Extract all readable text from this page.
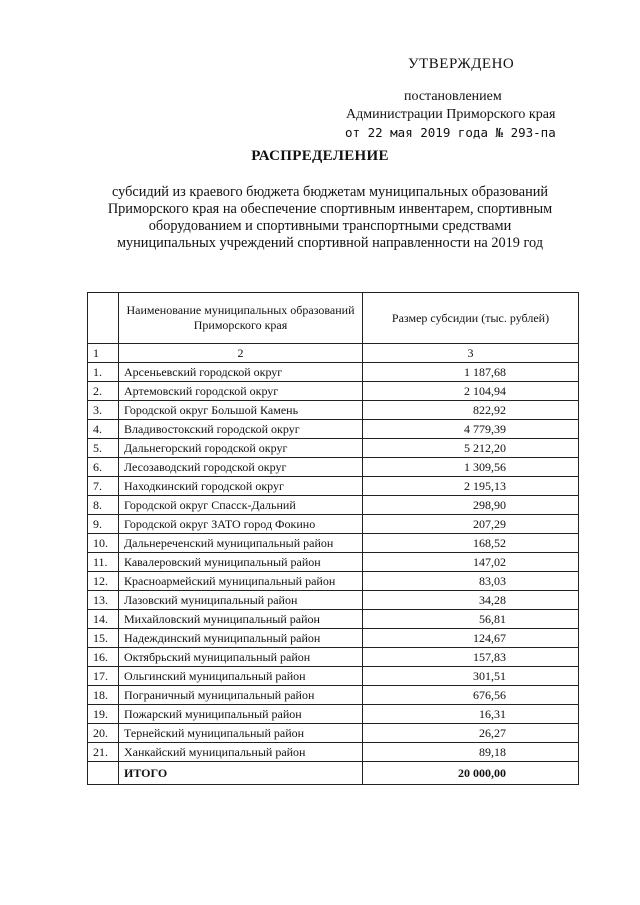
УТВЕРЖДЕНО
постановлением
Администрации Приморского края
от 22 мая 2019 года № 293-па
РАСПРЕДЕЛЕНИЕ
субсидий из краевого бюджета бюджетам муниципальных образований
Приморского края на обеспечение спортивным инвентарем, спортивным
оборудованием и спортивными транспортными средствами
муниципальных учреждений спортивной направленности на 2019 год
	Наименование муниципальных образований Приморского края	Размер субсидии (тыс. рублей)
1	2	3
1.	Арсеньевский городской округ	1 187,68
2.	Артемовский городской округ	2 104,94
3.	Городской округ Большой Камень	822,92
4.	Владивостокский городской округ	4 779,39
5.	Дальнегорский городской округ	5 212,20
6.	Лесозаводский городской округ	1 309,56
7.	Находкинский городской округ	2 195,13
8.	Городской округ Спасск-Дальний	298,90
9.	Городской округ ЗАТО город Фокино	207,29
10.	Дальнереченский муниципальный район	168,52
11.	Кавалеровский муниципальный район	147,02
12.	Красноармейский муниципальный район	83,03
13.	Лазовский муниципальный район	34,28
14.	Михайловский муниципальный район	56,81
15.	Надеждинский муниципальный район	124,67
16.	Октябрьский муниципальный район	157,83
17.	Ольгинский муниципальный район	301,51
18.	Пограничный муниципальный район	676,56
19.	Пожарский муниципальный район	16,31
20.	Тернейский муниципальный район	26,27
21.	Ханкайский муниципальный район	89,18
	ИТОГО	20 000,00
